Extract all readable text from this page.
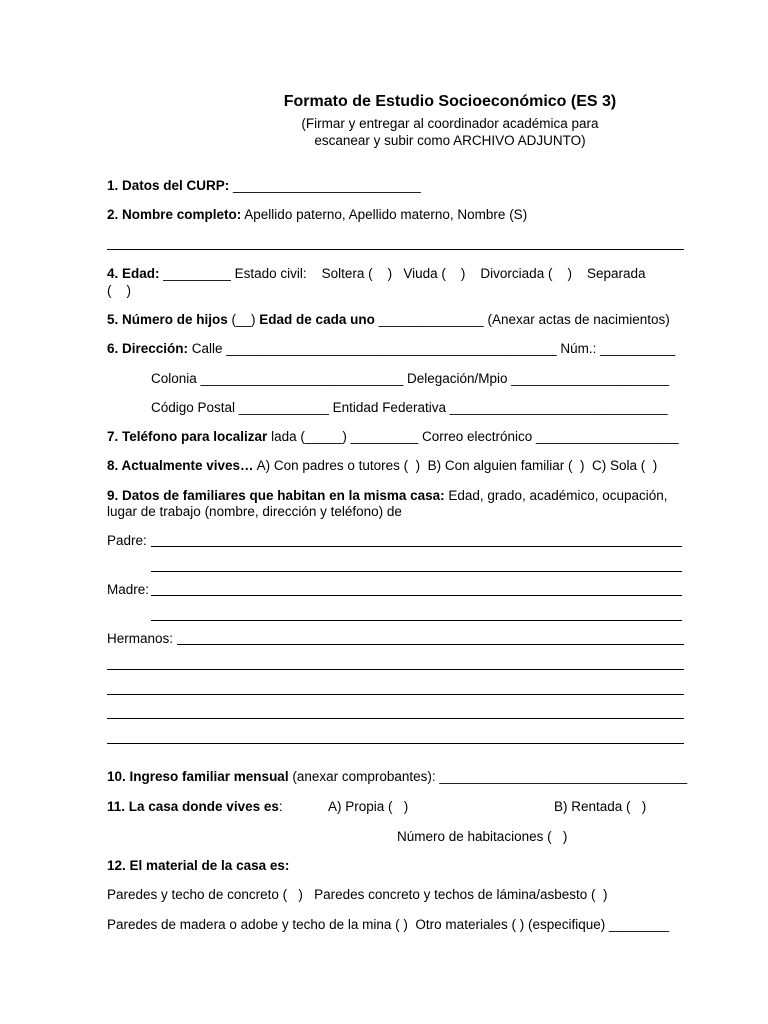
Formato de Estudio Socioeconómico (ES 3)
(Firmar y entregar al coordinador académica para
escanear y subir como ARCHIVO ADJUNTO)
1. Datos del CURP: _________________________
2. Nombre completo: Apellido paterno, Apellido materno, Nombre (S)
4. Edad: _________ Estado civil:    Soltera (    )   Viuda (    )    Divorciada (    )    Separada
(    )
5. Número de hijos (__) Edad de cada uno ______________ (Anexar actas de nacimientos)
6. Dirección: Calle ____________________________________________ Núm.: __________
Colonia ___________________________ Delegación/Mpio _____________________
Código Postal ____________ Entidad Federativa _____________________________
7. Teléfono para localizar lada (_____) _________ Correo electrónico ___________________
8. Actualmente vives… A) Con padres o tutores (  )  B) Con alguien familiar (  )  C) Sola (  )
9. Datos de familiares que habitan en la misma casa: Edad, grado, académico, ocupación,
lugar de trabajo (nombre, dirección y teléfono) de
Padre:
Madre:
Hermanos:
10. Ingreso familiar mensual (anexar comprobantes): _________________________________
11. La casa donde vives es:	A) Propia (   )	B) Rentada (   )
Número de habitaciones (   )
12. El material de la casa es:
Paredes y techo de concreto (   )   Paredes concreto y techos de lámina/asbesto (  )
Paredes de madera o adobe y techo de la mina ( )  Otro materiales ( ) (especifique) ________
